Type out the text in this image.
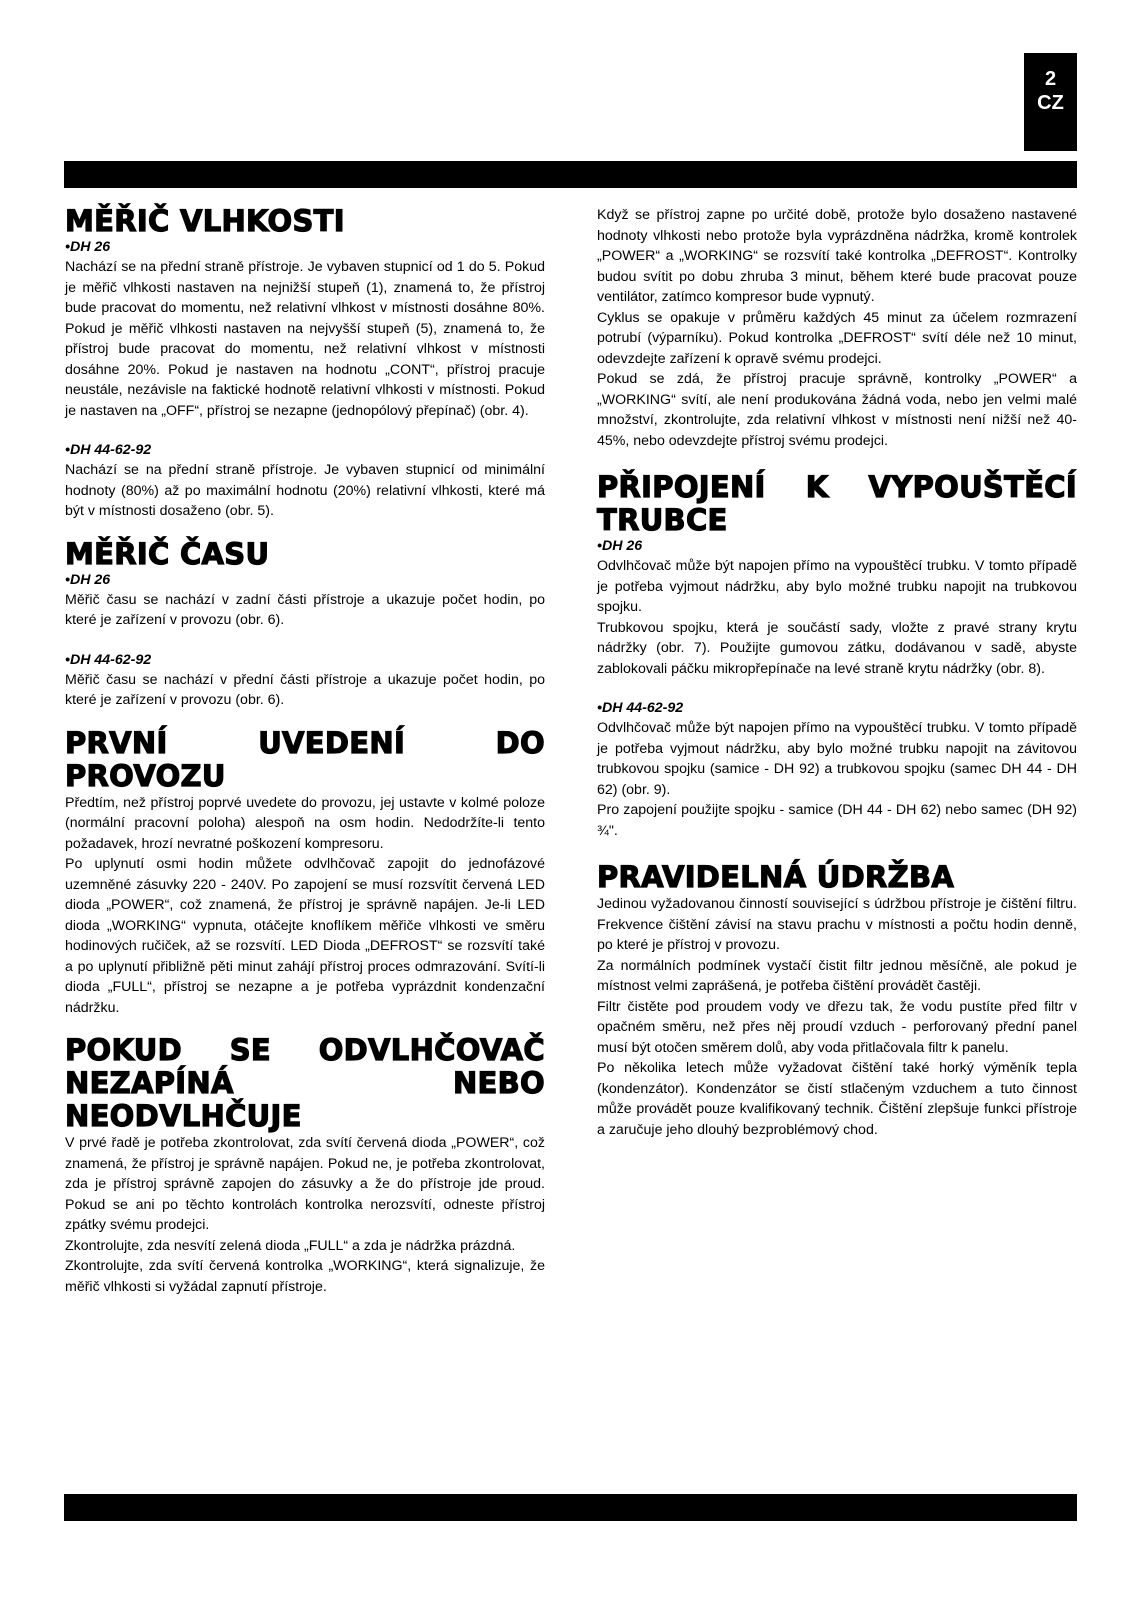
2
CZ
MĚŘIČ VLHKOSTI
•DH 26

Nachází se na přední straně přístroje. Je vybaven stupnicí od 1 do 5. Pokud je měřič vlhkosti nastaven na nejnižší stupeň (1), znamená to, že přístroj bude pracovat do momentu, než relativní vlhkost v místnosti dosáhne 80%. Pokud je měřič vlhkosti nastaven na nejvyšší stupeň (5), znamená to, že přístroj bude pracovat do momentu, než relativní vlhkost v místnosti dosáhne 20%. Pokud je nastaven na hodnotu „CONT“, přístroj pracuje neustále, nezávisle na faktické hodnotě relativní vlhkosti v místnosti. Pokud je nastaven na „OFF“, přístroj se nezapne (jednopólový přepínač) (obr. 4).

•DH 44-62-92

Nachází se na přední straně přístroje. Je vybaven stupnicí od minimální hodnoty (80%) až po maximální hodnotu (20%) relativní vlhkosti, které má být v místnosti dosaženo (obr. 5).

MĚŘIČ ČASU
•DH 26

Měřič času se nachází v zadní části přístroje a ukazuje počet hodin, po které je zařízení v provozu (obr. 6).

•DH 44-62-92

Měřič času se nachází v přední části přístroje a ukazuje počet hodin, po které je zařízení v provozu (obr. 6).

PRVNÍ UVEDENÍ DO PROVOZU

Předtím, než přístroj poprvé uvedete do provozu, jej ustavte v kolmé poloze (normální pracovní poloha) alespoň na osm hodin. Nedodržíte-li tento požadavek, hrozí nevratné poškození kompresoru.

Po uplynutí osmi hodin můžete odvlhčovač zapojit do jednofázové uzemněné zásuvky 220 - 240V. Po zapojení se musí rozsvítit červená LED dioda „POWER“, což znamená, že přístroj je správně napájen. Je-li LED dioda „WORKING“ vypnuta, otáčejte knoflíkem měřiče vlhkosti ve směru hodinových ručiček, až se rozsvítí. LED Dioda „DEFROST“ se rozsvítí také a po uplynutí přibližně pěti minut zahájí přístroj proces odmrazování. Svítí-li dioda „FULL“, přístroj se nezapne a je potřeba vyprázdnit kondenzační nádržku.

POKUD SE ODVLHČOVAČ NEZAPÍNÁ NEBO NEODVLHČUJE

V prvé řadě je potřeba zkontrolovat, zda svítí červená dioda „POWER“, což znamená, že přístroj je správně napájen. Pokud ne, je potřeba zkontrolovat, zda je přístroj správně zapojen do zásuvky a že do přístroje jde proud. Pokud se ani po těchto kontrolách kontrolka nerozsvítí, odneste přístroj zpátky svému prodejci.

Zkontrolujte, zda nesvítí zelená dioda „FULL“ a zda je nádržka prázdná.

Zkontrolujte, zda svítí červená kontrolka „WORKING“, která signalizuje, že měřič vlhkosti si vyžádal zapnutí přístroje.

Když se přístroj zapne po určité době, protože bylo dosaženo nastavené hodnoty vlhkosti nebo protože byla vyprázdněna nádržka, kromě kontrolek „POWER“ a „WORKING“ se rozsvítí také kontrolka „DEFROST“. Kontrolky budou svítit po dobu zhruba 3 minut, během které bude pracovat pouze ventilátor, zatímco kompresor bude vypnutý.

Cyklus se opakuje v průměru každých 45 minut za účelem rozmrazení potrubí (výparníku). Pokud kontrolka „DEFROST“ svítí déle než 10 minut, odevzdejte zařízení k opravě svému prodejci.

Pokud se zdá, že přístroj pracuje správně, kontrolky „POWER“ a „WORKING“ svítí, ale není produkována žádná voda, nebo jen velmi malé množství, zkontrolujte, zda relativní vlhkost v místnosti není nižší než 40-45%, nebo odevzdejte přístroj svému prodejci.

PŘIPOJENÍ K VYPOUŠTĚCÍ TRUBCE
•DH 26

Odvlhčovač může být napojen přímo na vypouštěcí trubku. V tomto případě je potřeba vyjmout nádržku, aby bylo možné trubku napojit na trubkovou spojku.

Trubkovou spojku, která je součástí sady, vložte z pravé strany krytu nádržky (obr. 7). Použijte gumovou zátku, dodávanou v sadě, abyste zablokovali páčku mikropřepínače na levé straně krytu nádržky (obr. 8).

•DH 44-62-92

Odvlhčovač může být napojen přímo na vypouštěcí trubku. V tomto případě je potřeba vyjmout nádržku, aby bylo možné trubku napojit na závitovou trubkovou spojku (samice - DH 92) a trubkovou spojku (samec DH 44 - DH 62) (obr. 9).

Pro zapojení použijte spojku - samice (DH 44 - DH 62) nebo samec (DH 92) ¾".

PRAVIDELNÁ ÚDRŽBA

Jedinou vyžadovanou činností související s údržbou přístroje je čištění filtru. Frekvence čištění závisí na stavu prachu v místnosti a počtu hodin denně, po které je přístroj v provozu.

Za normálních podmínek vystačí čistit filtr jednou měsíčně, ale pokud je místnost velmi zaprášená, je potřeba čištění provádět častěji.

Filtr čistěte pod proudem vody ve dřezu tak, že vodu pustíte před filtr v opačném směru, než přes něj proudí vzduch - perforovaný přední panel musí být otočen směrem dolů, aby voda přitlačovala filtr k panelu.

Po několika letech může vyžadovat čištění také horký výměník tepla (kondenzátor). Kondenzátor se čistí stlačeným vzduchem a tuto činnost může provádět pouze kvalifikovaný technik. Čištění zlepšuje funkci přístroje a zaručuje jeho dlouhý bezproblémový chod.
